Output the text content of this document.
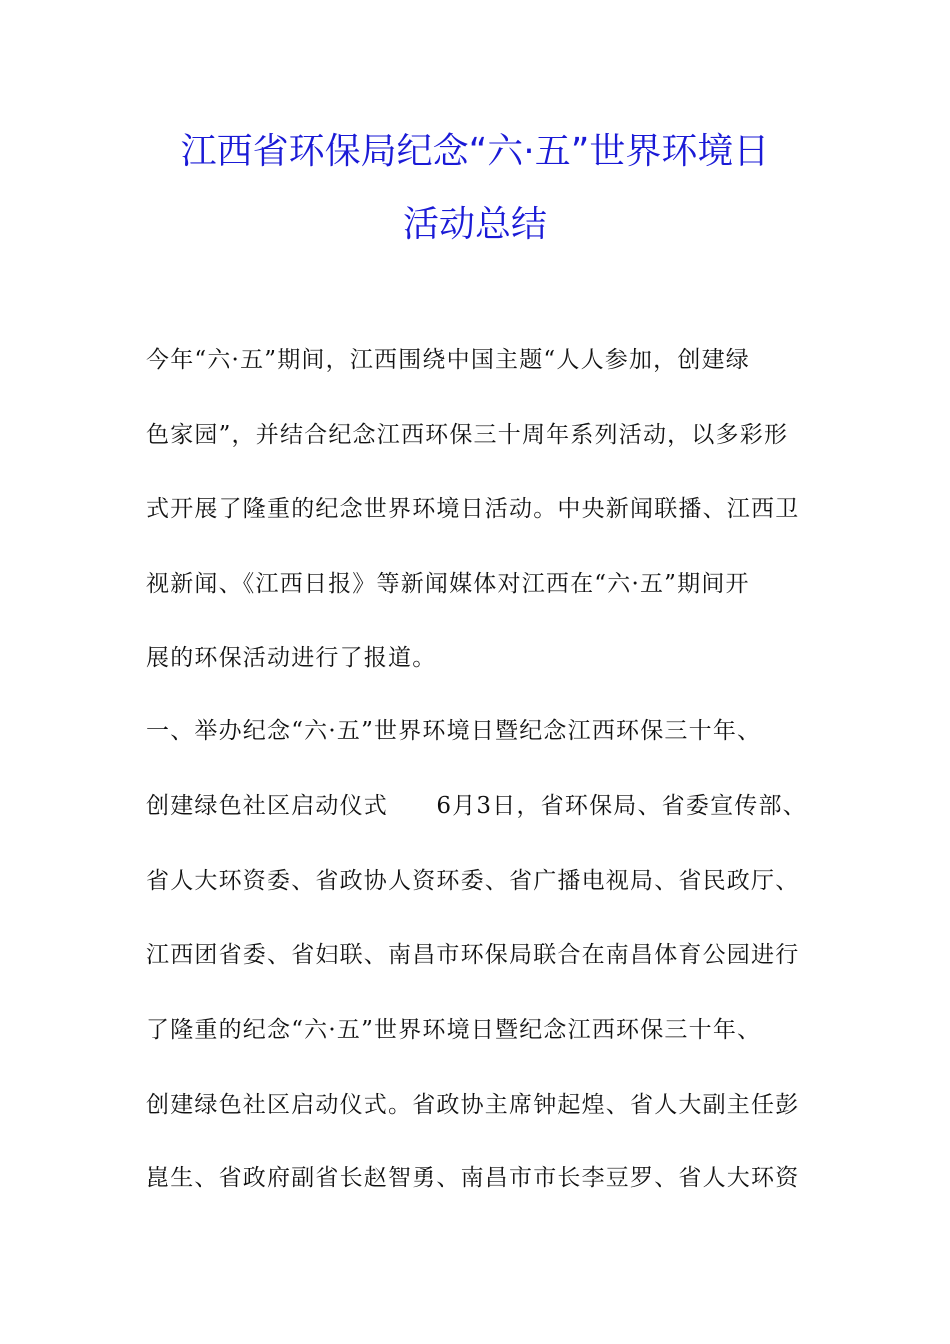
江西省环保局纪念“六·五”世界环境日
活动总结

今年“六·五”期间，江西围绕中国主题“人人参加，创建绿

色家园”，并结合纪念江西环保三十周年系列活动，以多彩形

式开展了隆重的纪念世界环境日活动。中央新闻联播、江西卫

视新闻、《江西日报》等新闻媒体对江西在“六·五”期间开

展的环保活动进行了报道。

一、举办纪念“六·五”世界环境日暨纪念江西环保三十年、

创建绿色社区启动仪式　　6月3日，省环保局、省委宣传部、

省人大环资委、省政协人资环委、省广播电视局、省民政厅、

江西团省委、省妇联、南昌市环保局联合在南昌体育公园进行

了隆重的纪念“六·五”世界环境日暨纪念江西环保三十年、

创建绿色社区启动仪式。省政协主席钟起煌、省人大副主任彭

崑生、省政府副省长赵智勇、南昌市市长李豆罗、省人大环资
